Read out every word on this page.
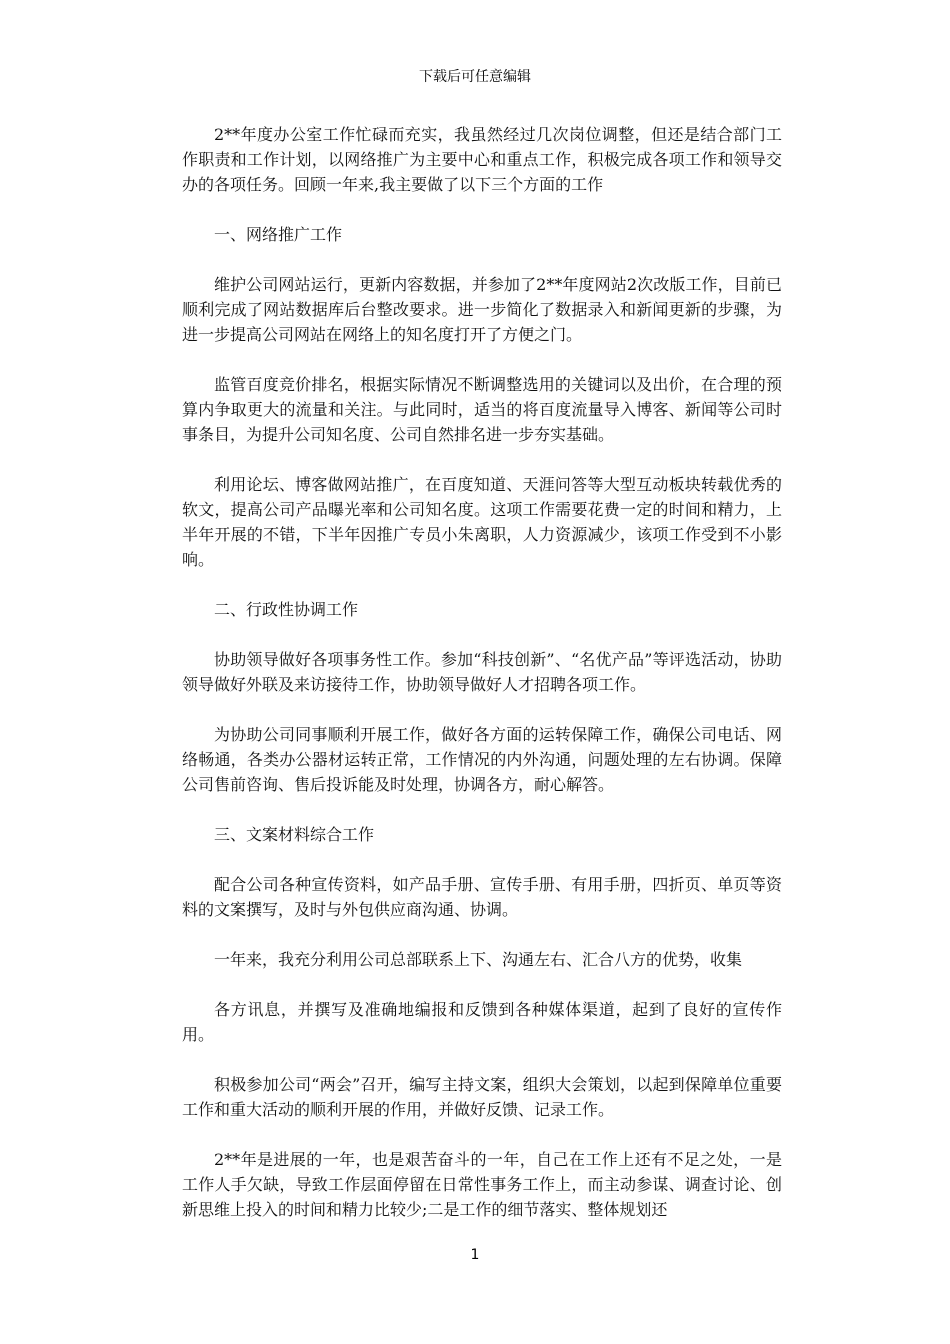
下载后可任意编辑

2**年度办公室工作忙碌而充实，我虽然经过几次岗位调整，但还是结合部门工作职责和工作计划，以网络推广为主要中心和重点工作，积极完成各项工作和领导交办的各项任务。回顾一年来,我主要做了以下三个方面的工作

一、网络推广工作

维护公司网站运行，更新内容数据，并参加了2**年度网站2次改版工作，目前已顺利完成了网站数据库后台整改要求。进一步简化了数据录入和新闻更新的步骤，为进一步提高公司网站在网络上的知名度打开了方便之门。

监管百度竞价排名，根据实际情况不断调整选用的关键词以及出价，在合理的预算内争取更大的流量和关注。与此同时，适当的将百度流量导入博客、新闻等公司时事条目，为提升公司知名度、公司自然排名进一步夯实基础。

利用论坛、博客做网站推广，在百度知道、天涯问答等大型互动板块转载优秀的软文，提高公司产品曝光率和公司知名度。这项工作需要花费一定的时间和精力，上半年开展的不错，下半年因推广专员小朱离职，人力资源减少，该项工作受到不小影响。

二、行政性协调工作

协助领导做好各项事务性工作。参加“科技创新”、“名优产品”等评选活动，协助领导做好外联及来访接待工作，协助领导做好人才招聘各项工作。

为协助公司同事顺利开展工作，做好各方面的运转保障工作，确保公司电话、网络畅通，各类办公器材运转正常，工作情况的内外沟通，问题处理的左右协调。保障公司售前咨询、售后投诉能及时处理，协调各方，耐心解答。

三、文案材料综合工作

配合公司各种宣传资料，如产品手册、宣传手册、有用手册，四折页、单页等资料的文案撰写，及时与外包供应商沟通、协调。

一年来，我充分利用公司总部联系上下、沟通左右、汇合八方的优势，收集

各方讯息，并撰写及准确地编报和反馈到各种媒体渠道，起到了良好的宣传作用。

积极参加公司“两会”召开，编写主持文案，组织大会策划，以起到保障单位重要工作和重大活动的顺利开展的作用，并做好反馈、记录工作。

2**年是进展的一年，也是艰苦奋斗的一年，自己在工作上还有不足之处，一是工作人手欠缺，导致工作层面停留在日常性事务工作上，而主动参谋、调查讨论、创新思维上投入的时间和精力比较少;二是工作的细节落实、整体规划还

1
